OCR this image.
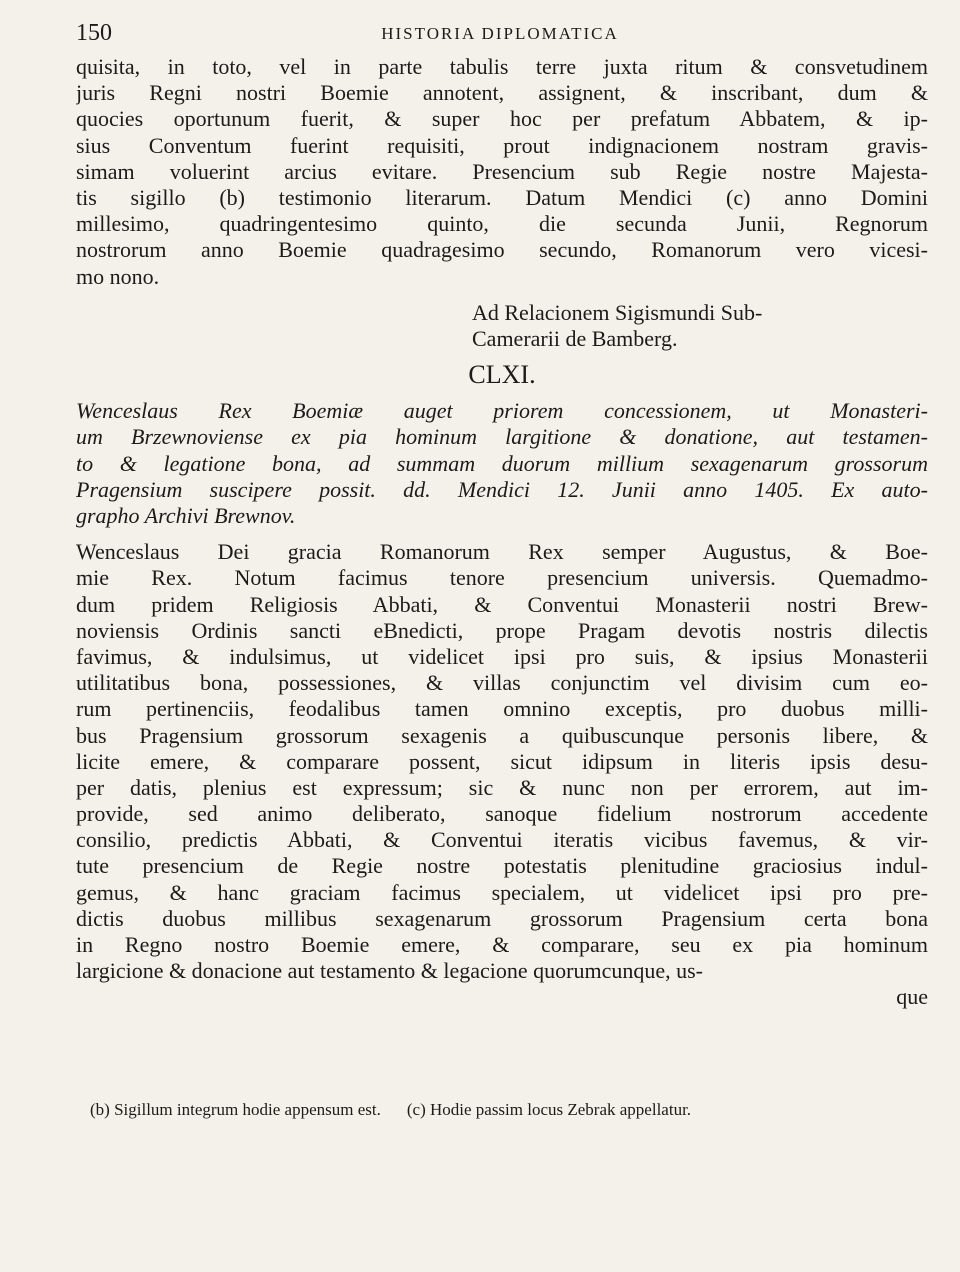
150	HISTORIA DIPLOMATICA
quisita, in toto, vel in parte tabulis terre juxta ritum & consvetudinem
juris Regni nostri Boemie annotent, assignent, & inscribant, dum &
quocies oportunum fuerit, & super hoc per prefatum Abbatem, & ip-
sius Conventum fuerint requisiti, prout indignacionem nostram gravis-
simam voluerint arcius evitare. Presencium sub Regie nostre Majesta-
tis sigillo (b) testimonio literarum. Datum Mendici (c) anno Domini
millesimo, quadringentesimo quinto, die secunda Junii, Regnorum
nostrorum anno Boemie quadragesimo secundo, Romanorum vero vicesi-
mo nono.
Ad Relacionem Sigismundi Sub-
Camerarii de Bamberg.
CLXI.
Wenceslaus Rex Boemiæ auget priorem concessionem, ut Monasteri-
um Brzewnoviense ex pia hominum largitione & donatione, aut testamen-
to & legatione bona, ad summam duorum millium sexagenarum grossorum
Pragensium suscipere possit. dd. Mendici 12. Junii anno 1405. Ex auto-
grapho Archivi Brewnov.
Wenceslaus Dei gracia Romanorum Rex semper Augustus, & Boe-
mie Rex. Notum facimus tenore presencium universis. Quemadmo-
dum pridem Religiosis Abbati, & Conventui Monasterii nostri Brew-
noviensis Ordinis sancti eBnedicti, prope Pragam devotis nostris dilectis
favimus, & indulsimus, ut videlicet ipsi pro suis, & ipsius Monasterii
utilitatibus bona, possessiones, & villas conjunctim vel divisim cum eo-
rum pertinenciis, feodalibus tamen omnino exceptis, pro duobus milli-
bus Pragensium grossorum sexagenis a quibuscunque personis libere, &
licite emere, & comparare possent, sicut idipsum in literis ipsis desu-
per datis, plenius est expressum; sic & nunc non per errorem, aut im-
provide, sed animo deliberato, sanoque fidelium nostrorum accedente
consilio, predictis Abbati, & Conventui iteratis vicibus favemus, & vir-
tute presencium de Regie nostre potestatis plenitudine graciosius indul-
gemus, & hanc graciam facimus specialem, ut videlicet ipsi pro pre-
dictis duobus millibus sexagenarum grossorum Pragensium certa bona
in Regno nostro Boemie emere, & comparare, seu ex pia hominum
largicione & donacione aut testamento & legacione quorumcunque, us-
que
(b) Sigillum integrum hodie appensum est. (c) Hodie passim locus Zebrak appellatur.
